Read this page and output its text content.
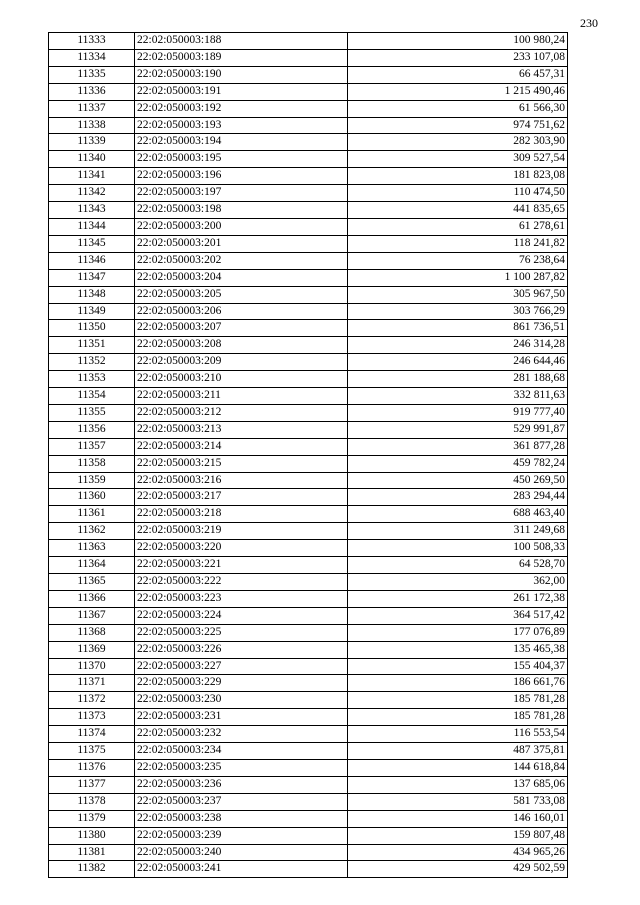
230
11333	22:02:050003:188	100 980,24
11334	22:02:050003:189	233 107,08
11335	22:02:050003:190	66 457,31
11336	22:02:050003:191	1 215 490,46
11337	22:02:050003:192	61 566,30
11338	22:02:050003:193	974 751,62
11339	22:02:050003:194	282 303,90
11340	22:02:050003:195	309 527,54
11341	22:02:050003:196	181 823,08
11342	22:02:050003:197	110 474,50
11343	22:02:050003:198	441 835,65
11344	22:02:050003:200	61 278,61
11345	22:02:050003:201	118 241,82
11346	22:02:050003:202	76 238,64
11347	22:02:050003:204	1 100 287,82
11348	22:02:050003:205	305 967,50
11349	22:02:050003:206	303 766,29
11350	22:02:050003:207	861 736,51
11351	22:02:050003:208	246 314,28
11352	22:02:050003:209	246 644,46
11353	22:02:050003:210	281 188,68
11354	22:02:050003:211	332 811,63
11355	22:02:050003:212	919 777,40
11356	22:02:050003:213	529 991,87
11357	22:02:050003:214	361 877,28
11358	22:02:050003:215	459 782,24
11359	22:02:050003:216	450 269,50
11360	22:02:050003:217	283 294,44
11361	22:02:050003:218	688 463,40
11362	22:02:050003:219	311 249,68
11363	22:02:050003:220	100 508,33
11364	22:02:050003:221	64 528,70
11365	22:02:050003:222	362,00
11366	22:02:050003:223	261 172,38
11367	22:02:050003:224	364 517,42
11368	22:02:050003:225	177 076,89
11369	22:02:050003:226	135 465,38
11370	22:02:050003:227	155 404,37
11371	22:02:050003:229	186 661,76
11372	22:02:050003:230	185 781,28
11373	22:02:050003:231	185 781,28
11374	22:02:050003:232	116 553,54
11375	22:02:050003:234	487 375,81
11376	22:02:050003:235	144 618,84
11377	22:02:050003:236	137 685,06
11378	22:02:050003:237	581 733,08
11379	22:02:050003:238	146 160,01
11380	22:02:050003:239	159 807,48
11381	22:02:050003:240	434 965,26
11382	22:02:050003:241	429 502,59
